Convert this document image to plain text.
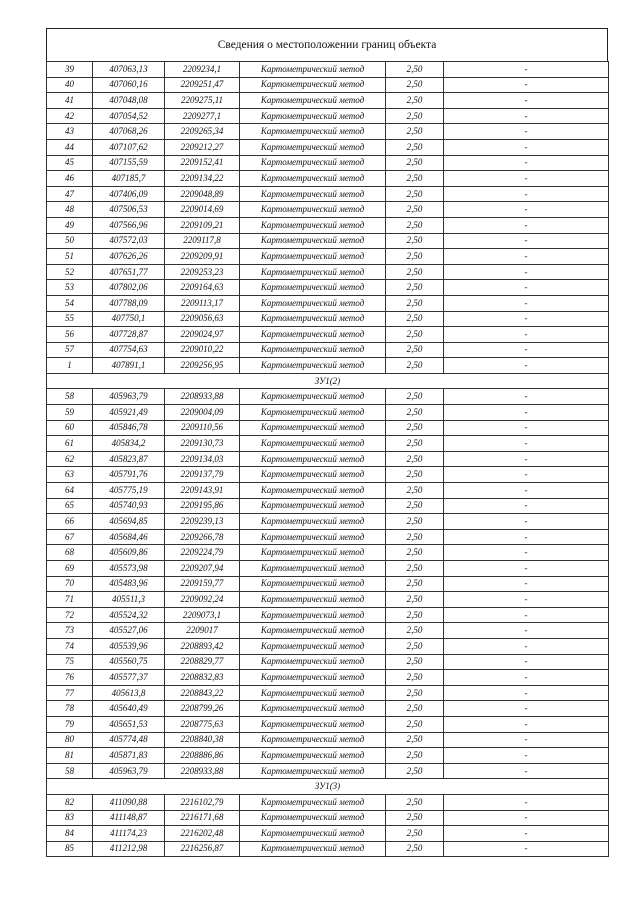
Сведения о местоположении границ объекта
39	407063,13	2209234,1	Картометрический метод	2,50	-
40	407060,16	2209251,47	Картометрический метод	2,50	-
41	407048,08	2209275,11	Картометрический метод	2,50	-
42	407054,52	2209277,1	Картометрический метод	2,50	-
43	407068,26	2209265,34	Картометрический метод	2,50	-
44	407107,62	2209212,27	Картометрический метод	2,50	-
45	407155,59	2209152,41	Картометрический метод	2,50	-
46	407185,7	2209134,22	Картометрический метод	2,50	-
47	407406,09	2209048,89	Картометрический метод	2,50	-
48	407506,53	2209014,69	Картометрический метод	2,50	-
49	407566,96	2209109,21	Картометрический метод	2,50	-
50	407572,03	2209117,8	Картометрический метод	2,50	-
51	407626,26	2209209,91	Картометрический метод	2,50	-
52	407651,77	2209253,23	Картометрический метод	2,50	-
53	407802,06	2209164,63	Картометрический метод	2,50	-
54	407788,09	2209113,17	Картометрический метод	2,50	-
55	407750,1	2209056,63	Картометрический метод	2,50	-
56	407728,87	2209024,97	Картометрический метод	2,50	-
57	407754,63	2209010,22	Картометрический метод	2,50	-
1	407891,1	2209256,95	Картометрический метод	2,50	-
ЗУ1(2)					
58	405963,79	2208933,88	Картометрический метод	2,50	-
59	405921,49	2209004,09	Картометрический метод	2,50	-
60	405846,78	2209110,56	Картометрический метод	2,50	-
61	405834,2	2209130,73	Картометрический метод	2,50	-
62	405823,87	2209134,03	Картометрический метод	2,50	-
63	405791,76	2209137,79	Картометрический метод	2,50	-
64	405775,19	2209143,91	Картометрический метод	2,50	-
65	405740,93	2209195,86	Картометрический метод	2,50	-
66	405694,85	2209239,13	Картометрический метод	2,50	-
67	405684,46	2209266,78	Картометрический метод	2,50	-
68	405609,86	2209224,79	Картометрический метод	2,50	-
69	405573,98	2209207,94	Картометрический метод	2,50	-
70	405483,96	2209159,77	Картометрический метод	2,50	-
71	405511,3	2209092,24	Картометрический метод	2,50	-
72	405524,32	2209073,1	Картометрический метод	2,50	-
73	405527,06	2209017	Картометрический метод	2,50	-
74	405539,96	2208893,42	Картометрический метод	2,50	-
75	405560,75	2208829,77	Картометрический метод	2,50	-
76	405577,37	2208832,83	Картометрический метод	2,50	-
77	405613,8	2208843,22	Картометрический метод	2,50	-
78	405640,49	2208799,26	Картометрический метод	2,50	-
79	405651,53	2208775,63	Картометрический метод	2,50	-
80	405774,48	2208840,38	Картометрический метод	2,50	-
81	405871,83	2208886,86	Картометрический метод	2,50	-
58	405963,79	2208933,88	Картометрический метод	2,50	-
ЗУ1(3)					
82	411090,88	2216102,79	Картометрический метод	2,50	-
83	411148,87	2216171,68	Картометрический метод	2,50	-
84	411174,23	2216202,48	Картометрический метод	2,50	-
85	411212,98	2216256,87	Картометрический метод	2,50	-
